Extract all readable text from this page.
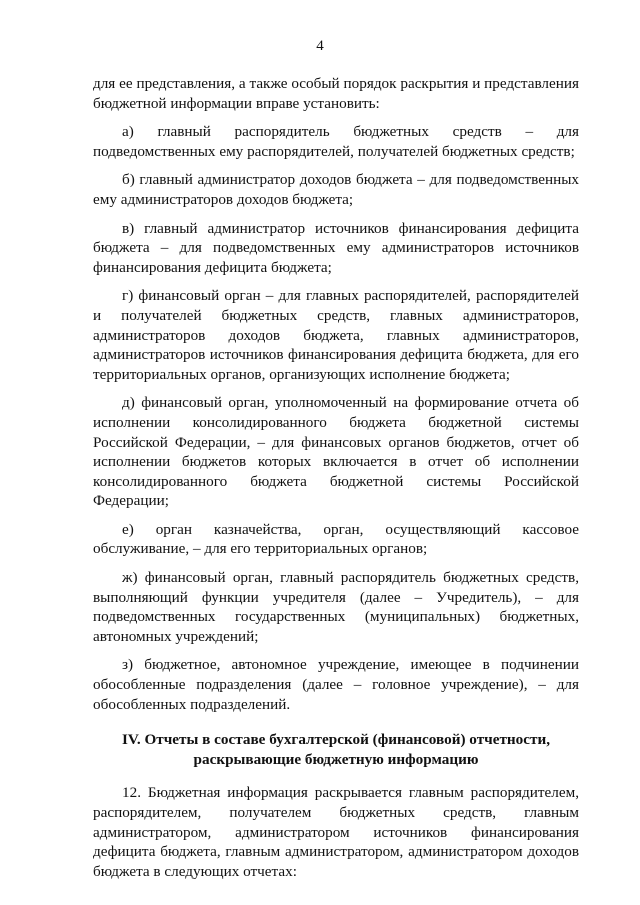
4

для ее представления, а также особый порядок раскрытия и представления бюджетной информации вправе установить:

а) главный распорядитель бюджетных средств – для подведомственных ему распорядителей, получателей бюджетных средств;

б) главный администратор доходов бюджета – для подведомственных ему администраторов доходов бюджета;

в) главный администратор источников финансирования дефицита бюджета – для подведомственных ему администраторов источников финансирования дефицита бюджета;

г) финансовый орган – для главных распорядителей, распорядителей и получателей бюджетных средств, главных администраторов, администраторов доходов бюджета, главных администраторов, администраторов источников финансирования дефицита бюджета, для его территориальных органов, организующих исполнение бюджета;

д) финансовый орган, уполномоченный на формирование отчета об исполнении консолидированного бюджета бюджетной системы Российской Федерации, – для финансовых органов бюджетов, отчет об исполнении бюджетов которых включается в отчет об исполнении консолидированного бюджета бюджетной системы Российской Федерации;

е) орган казначейства, орган, осуществляющий кассовое обслуживание, – для его территориальных органов;

ж) финансовый орган, главный распорядитель бюджетных средств, выполняющий функции учредителя (далее – Учредитель), – для подведомственных государственных (муниципальных) бюджетных, автономных учреждений;

з) бюджетное, автономное учреждение, имеющее в подчинении обособленные подразделения (далее – головное учреждение), – для обособленных подразделений.

IV. Отчеты в составе бухгалтерской (финансовой) отчетности,
раскрывающие бюджетную информацию

12. Бюджетная информация раскрывается главным распорядителем, распорядителем, получателем бюджетных средств, главным администратором, администратором источников финансирования дефицита бюджета, главным администратором, администратором доходов бюджета в следующих отчетах:
